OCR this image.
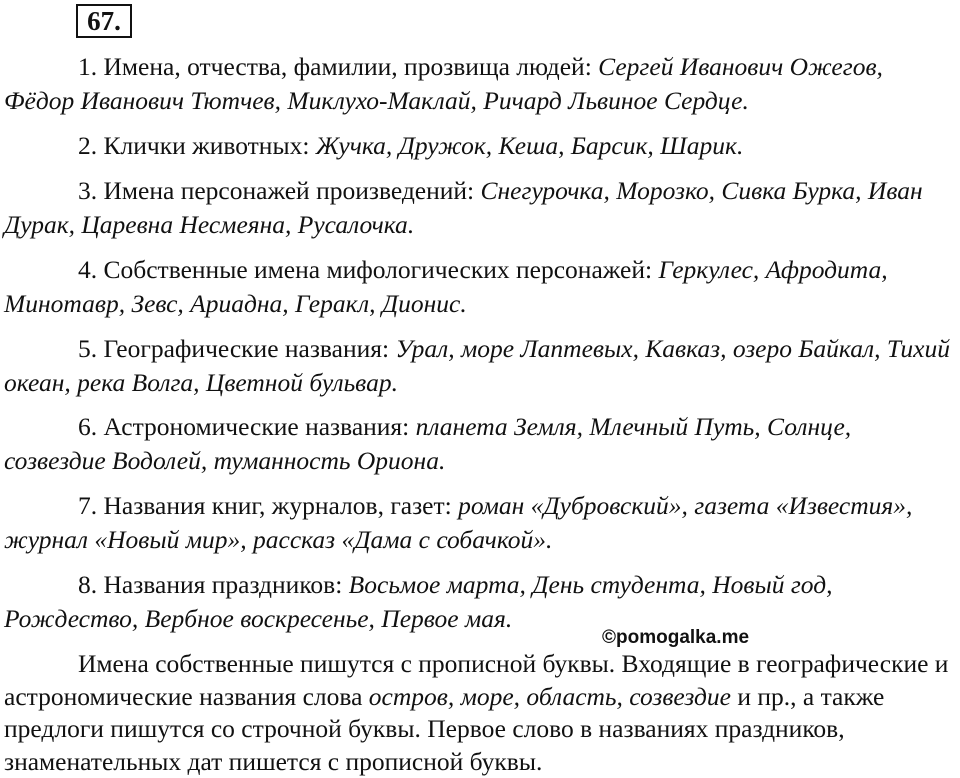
67.

1. Имена, отчества, фамилии, прозвища людей: Сергей Иванович Ожегов, Фёдор Иванович Тютчев, Миклухо-Маклай, Ричард Львиное Сердце.

2. Клички животных: Жучка, Дружок, Кеша, Барсик, Шарик.

3. Имена персонажей произведений: Снегурочка, Морозко, Сивка Бурка, Иван Дурак, Царевна Несмеяна, Русалочка.

4. Собственные имена мифологических персонажей: Геркулес, Афродита, Минотавр, Зевс, Ариадна, Геракл, Дионис.

5. Географические названия: Урал, море Лаптевых, Кавказ, озеро Байкал, Тихий океан, река Волга, Цветной бульвар.

6. Астрономические названия: планета Земля, Млечный Путь, Солнце, созвездие Водолей, туманность Ориона.

7. Названия книг, журналов, газет: роман «Дубровский», газета «Известия», журнал «Новый мир», рассказ «Дама с собачкой».

8. Названия праздников: Восьмое марта, День студента, Новый год, Рождество, Вербное воскресенье, Первое мая.

©pomogalka.me

Имена собственные пишутся с прописной буквы. Входящие в географические и астрономические названия слова остров, море, область, созвездие и пр., а также предлоги пишутся со строчной буквы. Первое слово в названиях праздников, знаменательных дат пишется с прописной буквы.
